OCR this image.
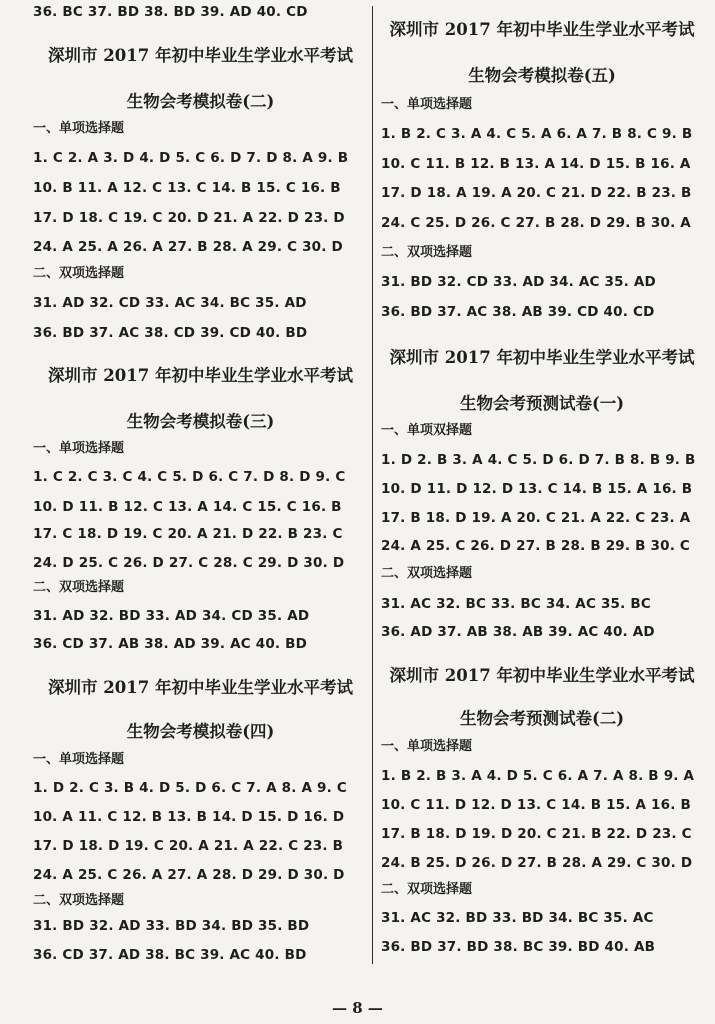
36. BC 37. BD 38. BD 39. AD 40. CD
深圳市 2017 年初中毕业生学业水平考试
生物会考模拟卷(二)
一、单项选择题
1. C 2. A 3. D 4. D 5. C 6. D 7. D 8. A 9. B
10. B 11. A 12. C 13. C 14. B 15. C 16. B
17. D 18. C 19. C 20. D 21. A 22. D 23. D
24. A 25. A 26. A 27. B 28. A 29. C 30. D
二、双项选择题
31. AD 32. CD 33. AC 34. BC 35. AD
36. BD 37. AC 38. CD 39. CD 40. BD
深圳市 2017 年初中毕业生学业水平考试
生物会考模拟卷(三)
一、单项选择题
1. C 2. C 3. C 4. C 5. D 6. C 7. D 8. D 9. C
10. D 11. B 12. C 13. A 14. C 15. C 16. B
17. C 18. D 19. C 20. A 21. D 22. B 23. C
24. D 25. C 26. D 27. C 28. C 29. D 30. D
二、双项选择题
31. AD 32. BD 33. AD 34. CD 35. AD
36. CD 37. AB 38. AD 39. AC 40. BD
深圳市 2017 年初中毕业生学业水平考试
生物会考模拟卷(四)
一、单项选择题
1. D 2. C 3. B 4. D 5. D 6. C 7. A 8. A 9. C
10. A 11. C 12. B 13. B 14. D 15. D 16. D
17. D 18. D 19. C 20. A 21. A 22. C 23. B
24. A 25. C 26. A 27. A 28. D 29. D 30. D
二、双项选择题
31. BD 32. AD 33. BD 34. BD 35. BD
36. CD 37. AD 38. BC 39. AC 40. BD
深圳市 2017 年初中毕业生学业水平考试
生物会考模拟卷(五)
一、单项选择题
1. B 2. C 3. A 4. C 5. A 6. A 7. B 8. C 9. B
10. C 11. B 12. B 13. A 14. D 15. B 16. A
17. D 18. A 19. A 20. C 21. D 22. B 23. B
24. C 25. D 26. C 27. B 28. D 29. B 30. A
二、双项选择题
31. BD 32. CD 33. AD 34. AC 35. AD
36. BD 37. AC 38. AB 39. CD 40. CD
深圳市 2017 年初中毕业生学业水平考试
生物会考预测试卷(一)
一、单项双择题
1. D 2. B 3. A 4. C 5. D 6. D 7. B 8. B 9. B
10. D 11. D 12. D 13. C 14. B 15. A 16. B
17. B 18. D 19. A 20. C 21. A 22. C 23. A
24. A 25. C 26. D 27. B 28. B 29. B 30. C
二、双项选择题
31. AC 32. BC 33. BC 34. AC 35. BC
36. AD 37. AB 38. AB 39. AC 40. AD
深圳市 2017 年初中毕业生学业水平考试
生物会考预测试卷(二)
一、单项选择题
1. B 2. B 3. A 4. D 5. C 6. A 7. A 8. B 9. A
10. C 11. D 12. D 13. C 14. B 15. A 16. B
17. B 18. D 19. D 20. C 21. B 22. D 23. C
24. B 25. D 26. D 27. B 28. A 29. C 30. D
二、双项选择题
31. AC 32. BD 33. BD 34. BC 35. AC
36. BD 37. BD 38. BC 39. BD 40. AB
— 8 —
